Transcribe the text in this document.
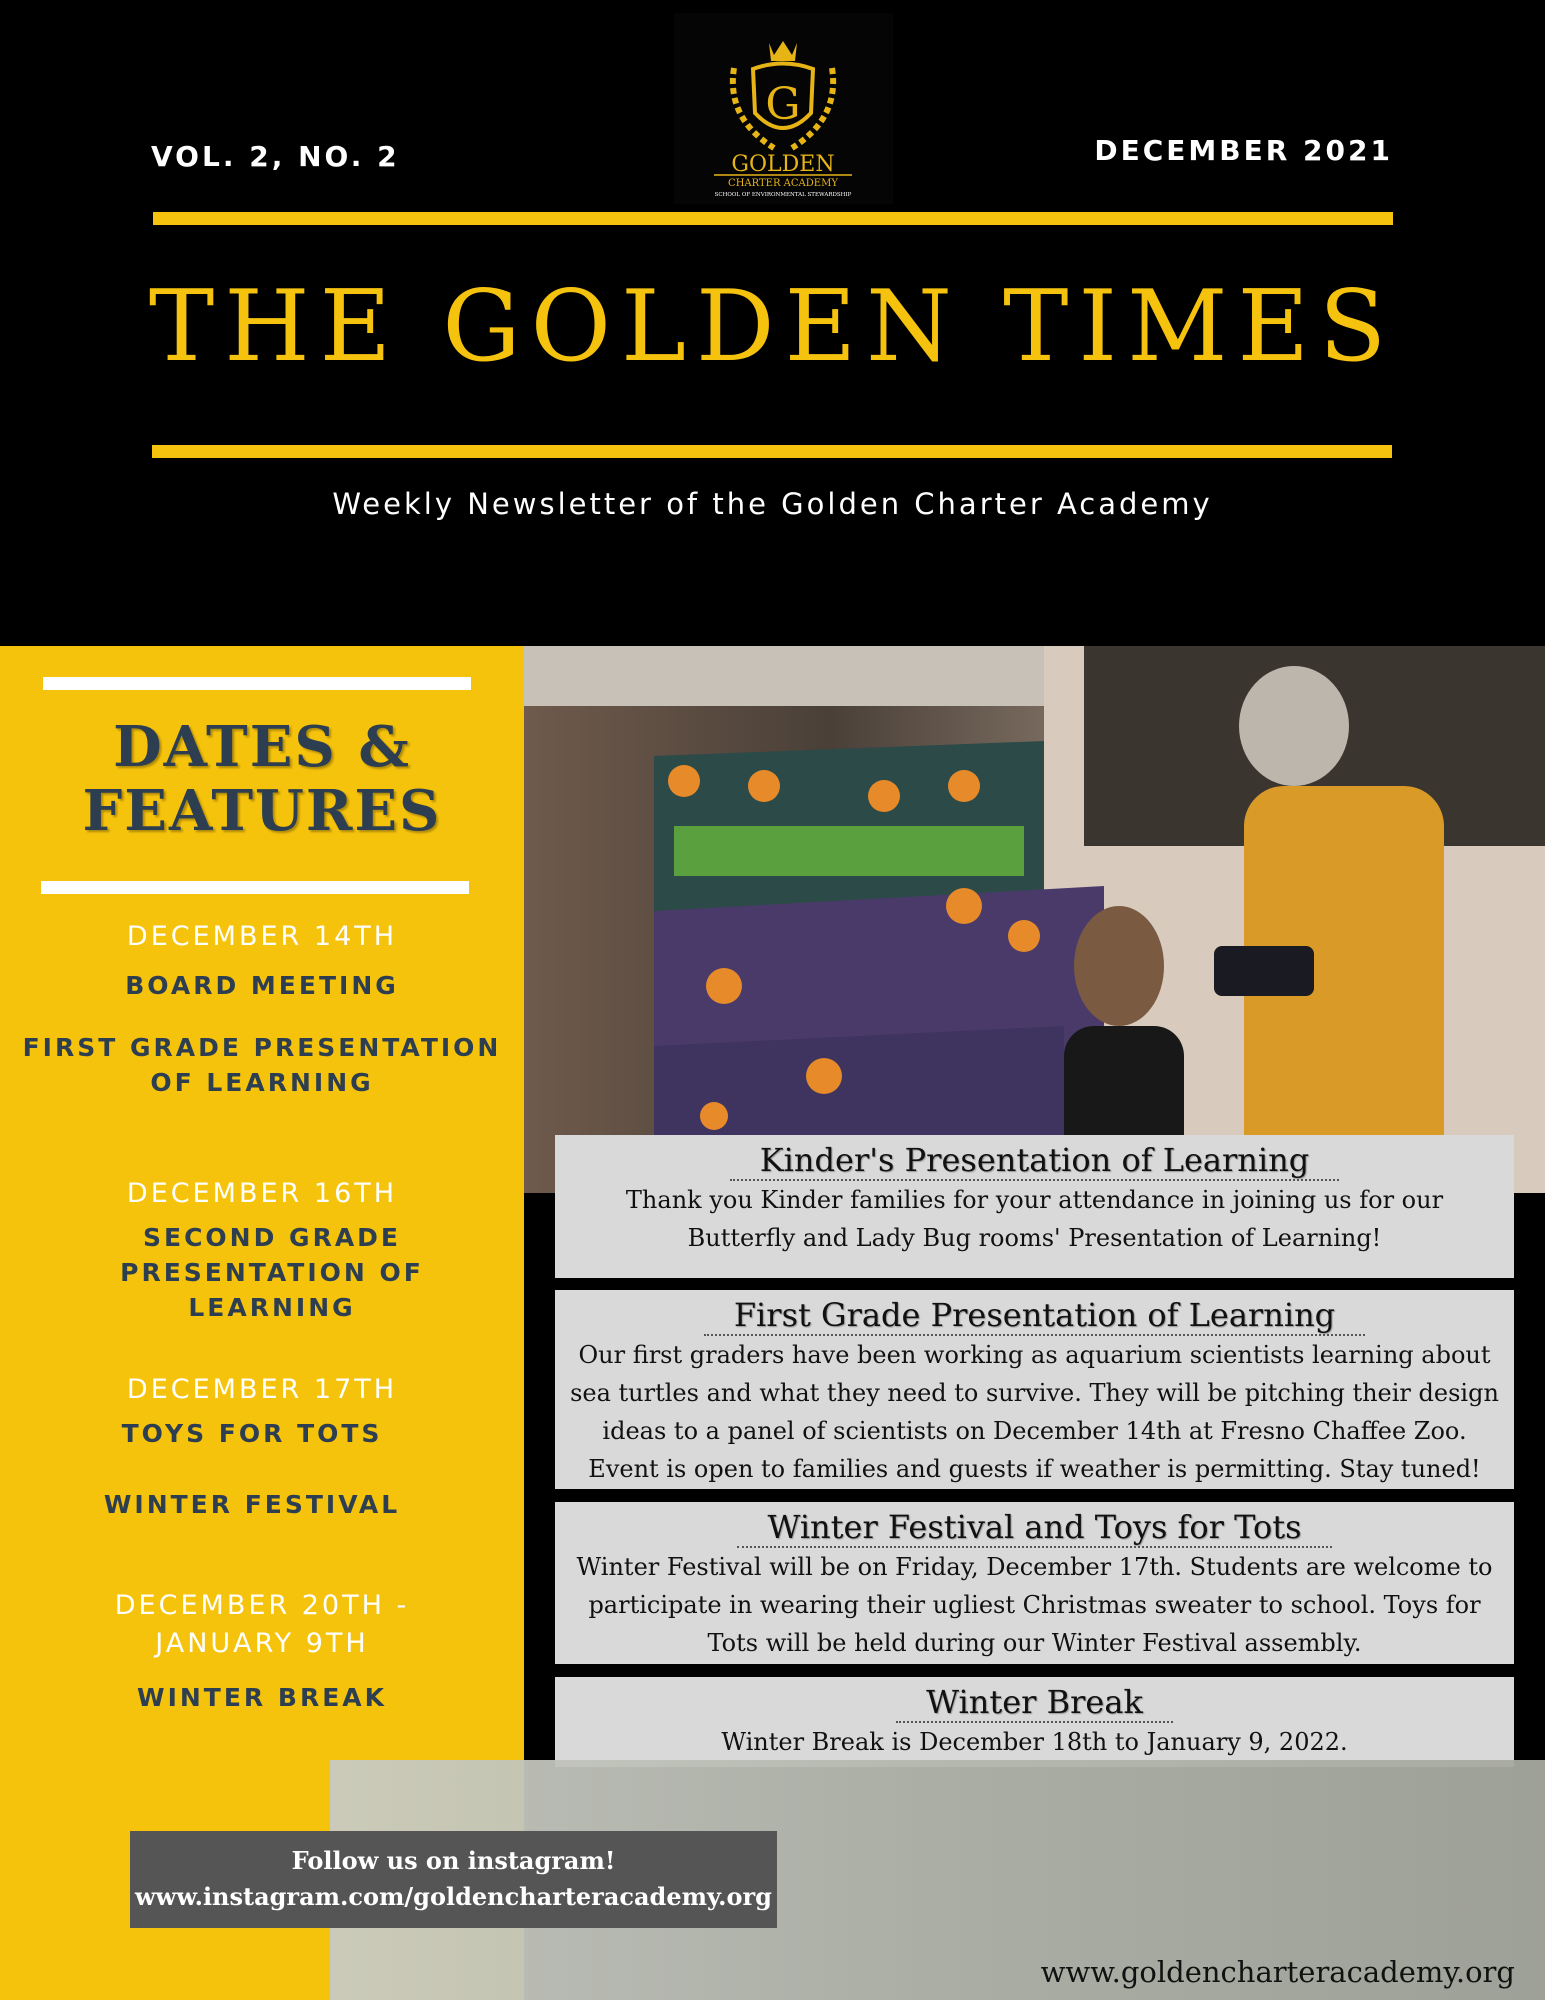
VOL. 2, NO. 2	DECEMBER 2021
G
GOLDEN
CHARTER ACADEMY
SCHOOL OF ENVIRONMENTAL STEWARDSHIP
THE GOLDEN TIMES
Weekly Newsletter of the Golden Charter Academy
DATES &
FEATURES
DECEMBER 14TH
BOARD MEETING
FIRST GRADE PRESENTATION OF LEARNING
DECEMBER 16TH
SECOND GRADE PRESENTATION OF LEARNING
DECEMBER 17TH
TOYS FOR TOTS
WINTER FESTIVAL
DECEMBER 20TH - JANUARY 9TH
WINTER BREAK
Kinder's Presentation of Learning

Thank you Kinder families for your attendance in joining us for our Butterfly and Lady Bug rooms' Presentation of Learning!

First Grade Presentation of Learning

Our first graders have been working as aquarium scientists learning about sea turtles and what they need to survive. They will be pitching their design ideas to a panel of scientists on December 14th at Fresno Chaffee Zoo. Event is open to families and guests if weather is permitting. Stay tuned!

Winter Festival and Toys for Tots

Winter Festival will be on Friday, December 17th. Students are welcome to participate in wearing their ugliest Christmas sweater to school. Toys for Tots will be held during our Winter Festival assembly.

Winter Break

Winter Break is December 18th to January 9, 2022.

Follow us on instagram!
www.instagram.com/goldencharteracademy.org
www.goldencharteracademy.org
